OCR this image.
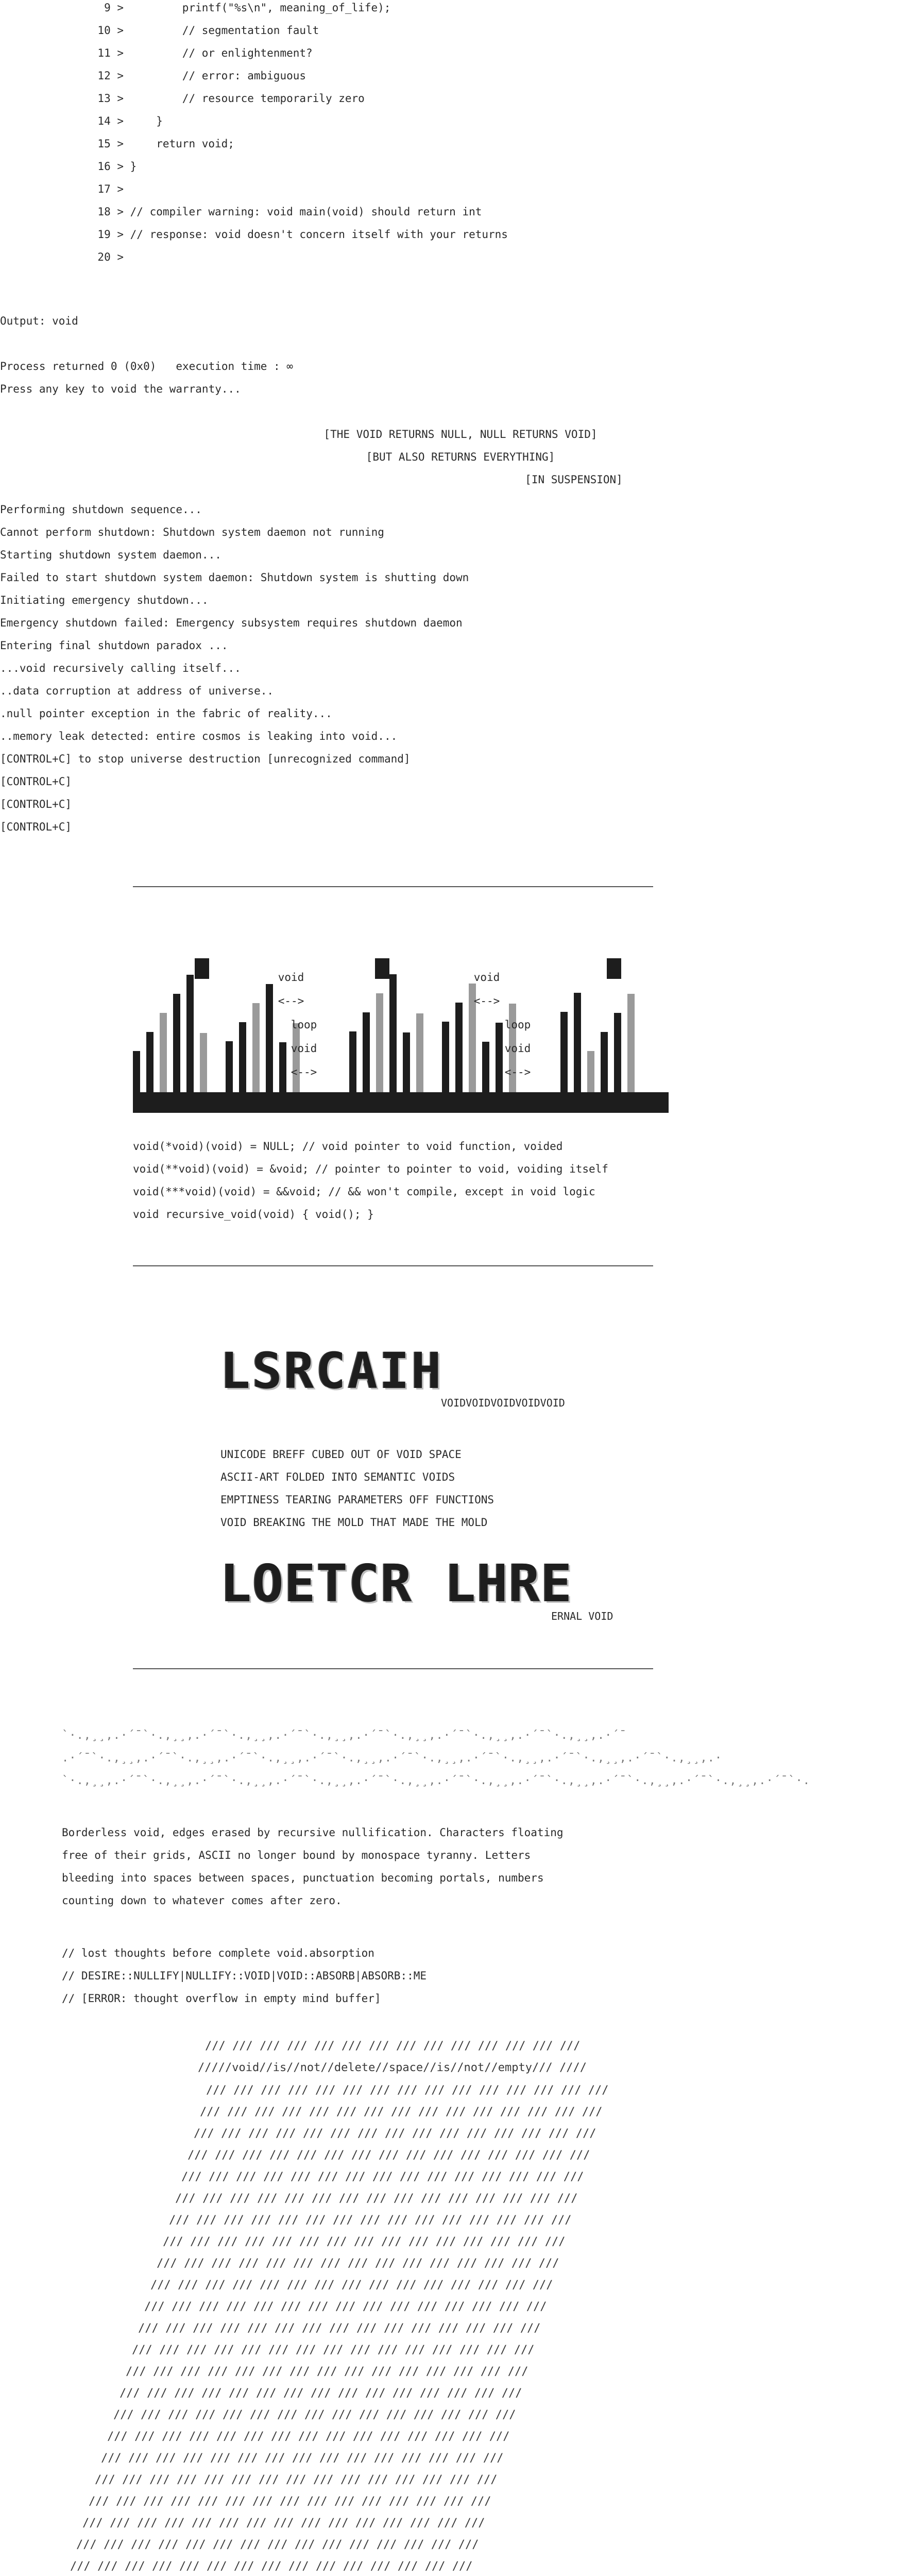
9 >         printf("%s\n", meaning_of_life);
10 >         // segmentation fault
11 >         // or enlightenment?
12 >         // error: ambiguous
13 >         // resource temporarily zero
14 >     }
15 >     return void;
16 > }
17 >
18 > // compiler warning: void main(void) should return int
19 > // response: void doesn't concern itself with your returns
20 >
Output: void
Process returned 0 (0x0)   execution time : ∞
Press any key to void the warranty...
[THE VOID RETURNS NULL, NULL RETURNS VOID]
[BUT ALSO RETURNS EVERYTHING]
[IN SUSPENSION]
Performing shutdown sequence...
Cannot perform shutdown: Shutdown system daemon not running
Starting shutdown system daemon...
Failed to start shutdown system daemon: Shutdown system is shutting down
Initiating emergency shutdown...
Emergency shutdown failed: Emergency subsystem requires shutdown daemon
Entering final shutdown paradox ...
...void recursively calling itself...
..data corruption at address of universe..
.null pointer exception in the fabric of reality...
..memory leak detected: entire cosmos is leaking into void...
[CONTROL+C] to stop universe destruction [unrecognized command]
[CONTROL+C]
[CONTROL+C]
[CONTROL+C]
void
<-->
loop
void
<-->
void
<-->
loop
void
<-->
void(*void)(void) = NULL; // void pointer to void function, voided
void(**void)(void) = &void; // pointer to pointer to void, voiding itself
void(***void)(void) = &&void; // && won't compile, except in void logic
void recursive_void(void) { void(); }
LSRCAIH
VOIDVOIDVOIDVOIDVOID
UNICODE BREFF CUBED OUT OF VOID SPACE
ASCII-ART FOLDED INTO SEMANTIC VOIDS
EMPTINESS TEARING PARAMETERS OFF FUNCTIONS
VOID BREAKING THE MOLD THAT MADE THE MOLD
LOETCR LHRE
ERNAL VOID
`·.,¸¸,.·´¯`·.,¸¸,.·´¯`·.,¸¸,.·´¯`·.,¸¸,.·´¯`·.,¸¸,.·´¯`·.,¸¸,.·´¯`·.,¸¸,.·´¯
.·´¯`·.,¸¸,.·´¯`·.,¸¸,.·´¯`·.,¸¸,.·´¯`·.,¸¸,.·´¯`·.,¸¸,.·´¯`·.,¸¸,.·´¯`·.,¸¸,.·´¯`·.,¸¸,.·
`·.,¸¸,.·´¯`·.,¸¸,.·´¯`·.,¸¸,.·´¯`·.,¸¸,.·´¯`·.,¸¸,.·´¯`·.,¸¸,.·´¯`·.,¸¸,.·´¯`·.,¸¸,.·´¯`·.,¸¸,.·´¯`·.
Borderless void, edges erased by recursive nullification. Characters floating
free of their grids, ASCII no longer bound by monospace tyranny. Letters
bleeding into spaces between spaces, punctuation becoming portals, numbers
counting down to whatever comes after zero.
// lost thoughts before complete void.absorption
// DESIRE::NULLIFY|NULLIFY::VOID|VOID::ABSORB|ABSORB::ME
// [ERROR: thought overflow in empty mind buffer]
/// /// /// /// /// /// /// /// /// /// /// /// /// ///
/////void//is//not//delete//space//is//not//empty/// ////
/// /// /// /// /// /// /// /// /// /// /// /// /// /// ///
/// /// /// /// /// /// /// /// /// /// /// /// /// /// ///
/// /// /// /// /// /// /// /// /// /// /// /// /// /// ///
/// /// /// /// /// /// /// /// /// /// /// /// /// /// ///
/// /// /// /// /// /// /// /// /// /// /// /// /// /// ///
/// /// /// /// /// /// /// /// /// /// /// /// /// /// ///
/// /// /// /// /// /// /// /// /// /// /// /// /// /// ///
/// /// /// /// /// /// /// /// /// /// /// /// /// /// ///
/// /// /// /// /// /// /// /// /// /// /// /// /// /// ///
/// /// /// /// /// /// /// /// /// /// /// /// /// /// ///
/// /// /// /// /// /// /// /// /// /// /// /// /// /// ///
/// /// /// /// /// /// /// /// /// /// /// /// /// /// ///
/// /// /// /// /// /// /// /// /// /// /// /// /// /// ///
/// /// /// /// /// /// /// /// /// /// /// /// /// /// ///
/// /// /// /// /// /// /// /// /// /// /// /// /// /// ///
/// /// /// /// /// /// /// /// /// /// /// /// /// /// ///
/// /// /// /// /// /// /// /// /// /// /// /// /// /// ///
/// /// /// /// /// /// /// /// /// /// /// /// /// /// ///
/// /// /// /// /// /// /// /// /// /// /// /// /// /// ///
/// /// /// /// /// /// /// /// /// /// /// /// /// /// ///
/// /// /// /// /// /// /// /// /// /// /// /// /// /// ///
/// /// /// /// /// /// /// /// /// /// /// /// /// /// ///
/// /// /// /// /// /// /// /// /// /// /// /// /// /// ///
